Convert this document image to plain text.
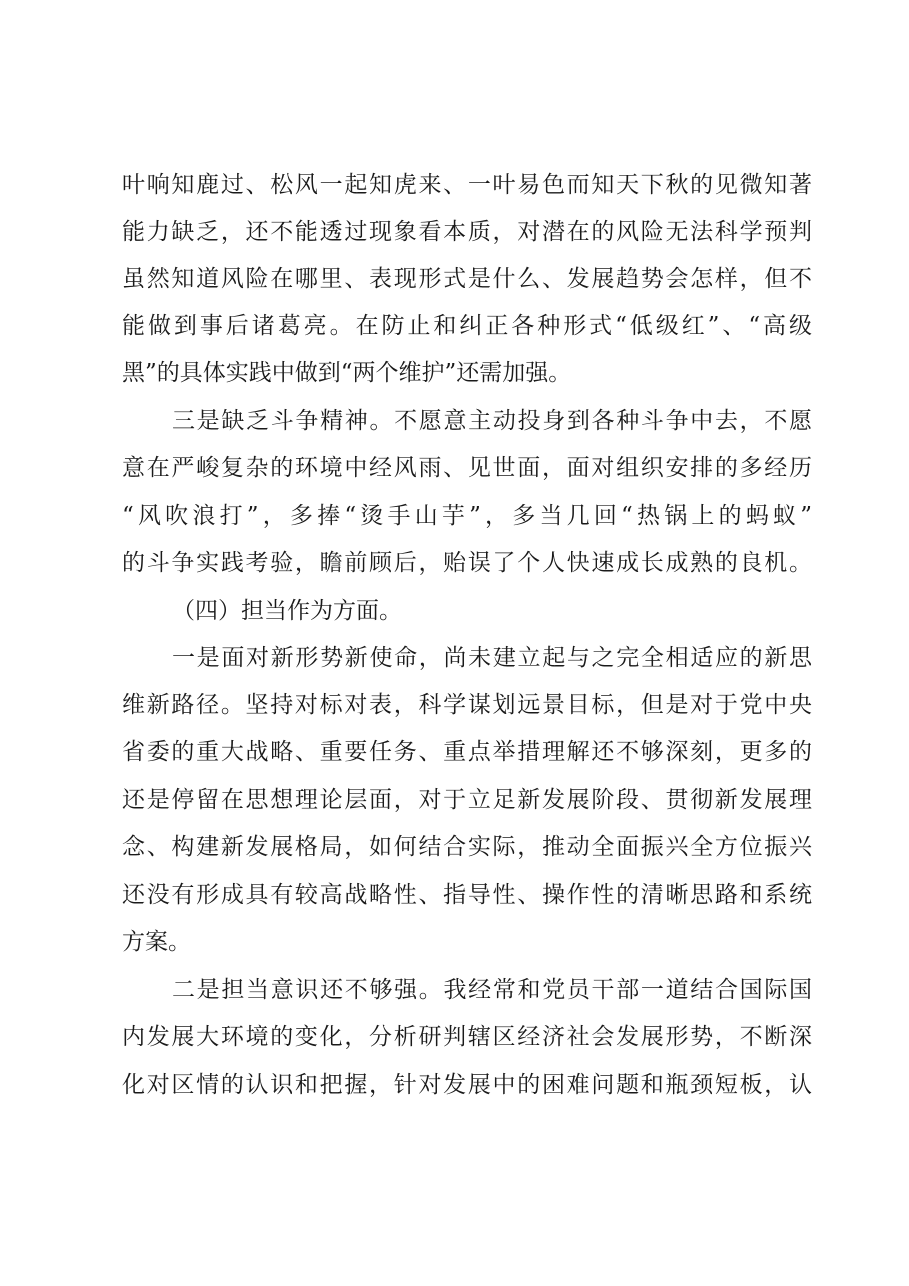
叶响知鹿过、松风一起知虎来、一叶易色而知天下秋的见微知著
能力缺乏，还不能透过现象看本质，对潜在的风险无法科学预判
虽然知道风险在哪里、表现形式是什么、发展趋势会怎样，但不
能做到事后诸葛亮。在防止和纠正各种形式“低级红”、“高级
黑”的具体实践中做到“两个维护”还需加强。
三是缺乏斗争精神。不愿意主动投身到各种斗争中去，不愿
意在严峻复杂的环境中经风雨、见世面，面对组织安排的多经历
“风吹浪打”，多捧“烫手山芋”，多当几回“热锅上的蚂蚁”
的斗争实践考验，瞻前顾后，贻误了个人快速成长成熟的良机。
（四）担当作为方面。
一是面对新形势新使命，尚未建立起与之完全相适应的新思
维新路径。坚持对标对表，科学谋划远景目标，但是对于党中央
省委的重大战略、重要任务、重点举措理解还不够深刻，更多的
还是停留在思想理论层面，对于立足新发展阶段、贯彻新发展理
念、构建新发展格局，如何结合实际，推动全面振兴全方位振兴
还没有形成具有较高战略性、指导性、操作性的清晰思路和系统
方案。
二是担当意识还不够强。我经常和党员干部一道结合国际国
内发展大环境的变化，分析研判辖区经济社会发展形势，不断深
化对区情的认识和把握，针对发展中的困难问题和瓶颈短板，认
